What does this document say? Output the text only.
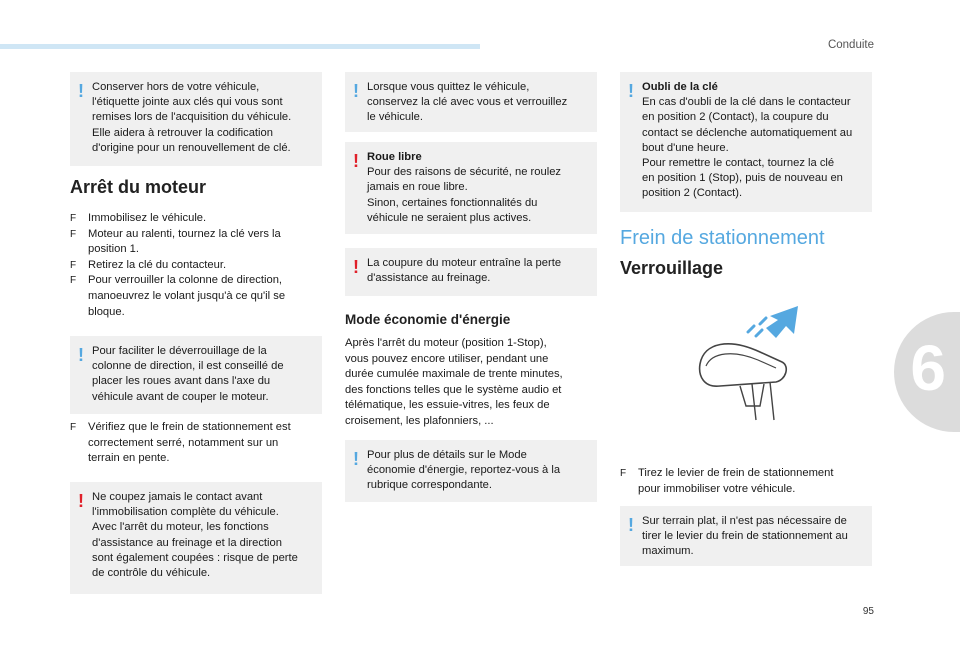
Conduite
6
95
! Conserver hors de votre véhicule,
l'étiquette jointe aux clés qui vous sont
remises lors de l'acquisition du véhicule.
Elle aidera à retrouver la codification
d'origine pour un renouvellement de clé.
Arrêt du moteur
F Immobilisez le véhicule.
F Moteur au ralenti, tournez la clé vers la
position 1.
F Retirez la clé du contacteur.
F Pour verrouiller la colonne de direction,
manoeuvrez le volant jusqu'à ce qu'il se
bloque.
! Pour faciliter le déverrouillage de la
colonne de direction, il est conseillé de
placer les roues avant dans l'axe du
véhicule avant de couper le moteur.
F Vérifiez que le frein de stationnement est
correctement serré, notamment sur un
terrain en pente.
! Ne coupez jamais le contact avant
l'immobilisation complète du véhicule.
Avec l'arrêt du moteur, les fonctions
d'assistance au freinage et la direction
sont également coupées : risque de perte
de contrôle du véhicule.
! Lorsque vous quittez le véhicule,
conservez la clé avec vous et verrouillez
le véhicule.
! Roue libre
Pour des raisons de sécurité, ne roulez
jamais en roue libre.
Sinon, certaines fonctionnalités du
véhicule ne seraient plus actives.
! La coupure du moteur entraîne la perte
d'assistance au freinage.
Mode économie d'énergie
Après l'arrêt du moteur (position 1-Stop),
vous pouvez encore utiliser, pendant une
durée cumulée maximale de trente minutes,
des fonctions telles que le système audio et
télématique, les essuie-vitres, les feux de
croisement, les plafonniers, ...
! Pour plus de détails sur le Mode
économie d'énergie, reportez-vous à la
rubrique correspondante.
! Oubli de la clé
En cas d'oubli de la clé dans le contacteur
en position 2 (Contact), la coupure du
contact se déclenche automatiquement au
bout d'une heure.
Pour remettre le contact, tournez la clé
en position 1 (Stop), puis de nouveau en
position 2 (Contact).
Frein de stationnement
Verrouillage
F Tirez le levier de frein de stationnement
pour immobiliser votre véhicule.
! Sur terrain plat, il n'est pas nécessaire de
tirer le levier du frein de stationnement au
maximum.
